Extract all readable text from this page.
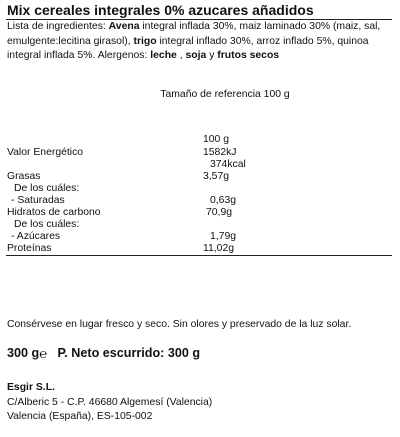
Mix cereales integrales 0% azucares añadidos
Lista de ingredientes: Avena integral inflada 30%, maiz laminado 30% (maiz, sal, emulgente:lecitina girasol), trigo integral inflado 30%, arroz inflado 5%, quinoa integral inflada 5%. Alergenos: leche , soja y frutos secos
Tamaño de referencia 100 g
100 g
Valor Energético	1582kJ
374kcal
Grasas	3,57g
De los cuáles:
- Saturadas	0,63g
Hidratos de carbono	70,9g
De los cuáles:
- Azúcares	1,79g
Proteínas	11,02g
Consérvese en lugar fresco y seco. Sin olores y preservado de la luz solar.
300 g℮ P. Neto escurrido: 300 g
Esgir S.L.
C/Alberic 5 - C.P. 46680 Algemesí (Valencia)
Valencia (España), ES-105-002
